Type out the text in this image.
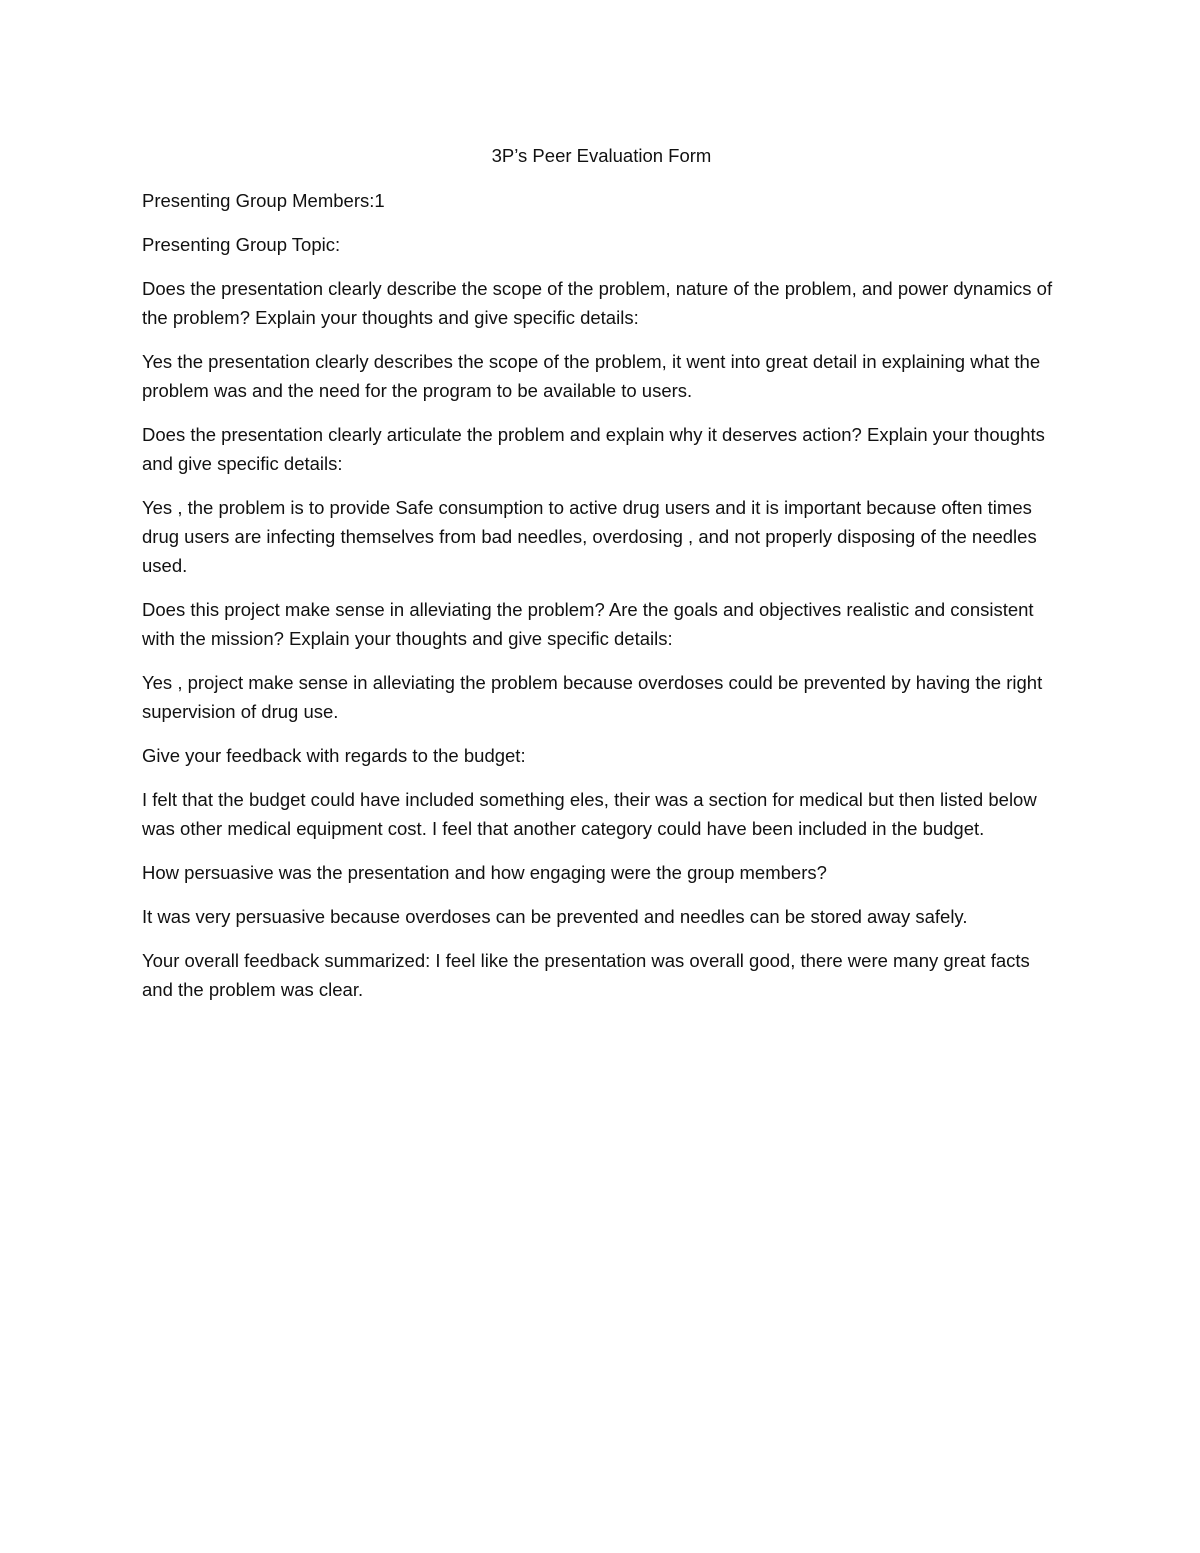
3P’s Peer Evaluation Form

Presenting Group Members:1

Presenting Group Topic:

Does the presentation clearly describe the scope of the problem, nature of the problem, and power dynamics of the problem? Explain your thoughts and give specific details:

Yes the presentation clearly describes the scope of the problem, it went into great detail in explaining what the problem was and the need for the program to be available to users.

Does the presentation clearly articulate the problem and explain why it deserves action? Explain your thoughts and give specific details:

Yes , the problem is to provide Safe consumption to active drug users and it is important because often times drug users are infecting themselves from bad needles, overdosing , and not properly disposing of the needles used.

Does this project make sense in alleviating the problem? Are the goals and objectives realistic and consistent with the mission? Explain your thoughts and give specific details:

Yes , project make sense in alleviating the problem because overdoses could be prevented by having the right supervision of drug use.

Give your feedback with regards to the budget:

I felt that the budget could have included something eles, their was a section for medical but then listed below was other medical equipment cost. I feel that another category could have been included in the budget.

How persuasive was the presentation and how engaging were the group members?

It was very persuasive because overdoses can be prevented and needles can be stored away safely.

Your overall feedback summarized: I feel like the presentation was overall good, there were many great facts and the problem was clear.
